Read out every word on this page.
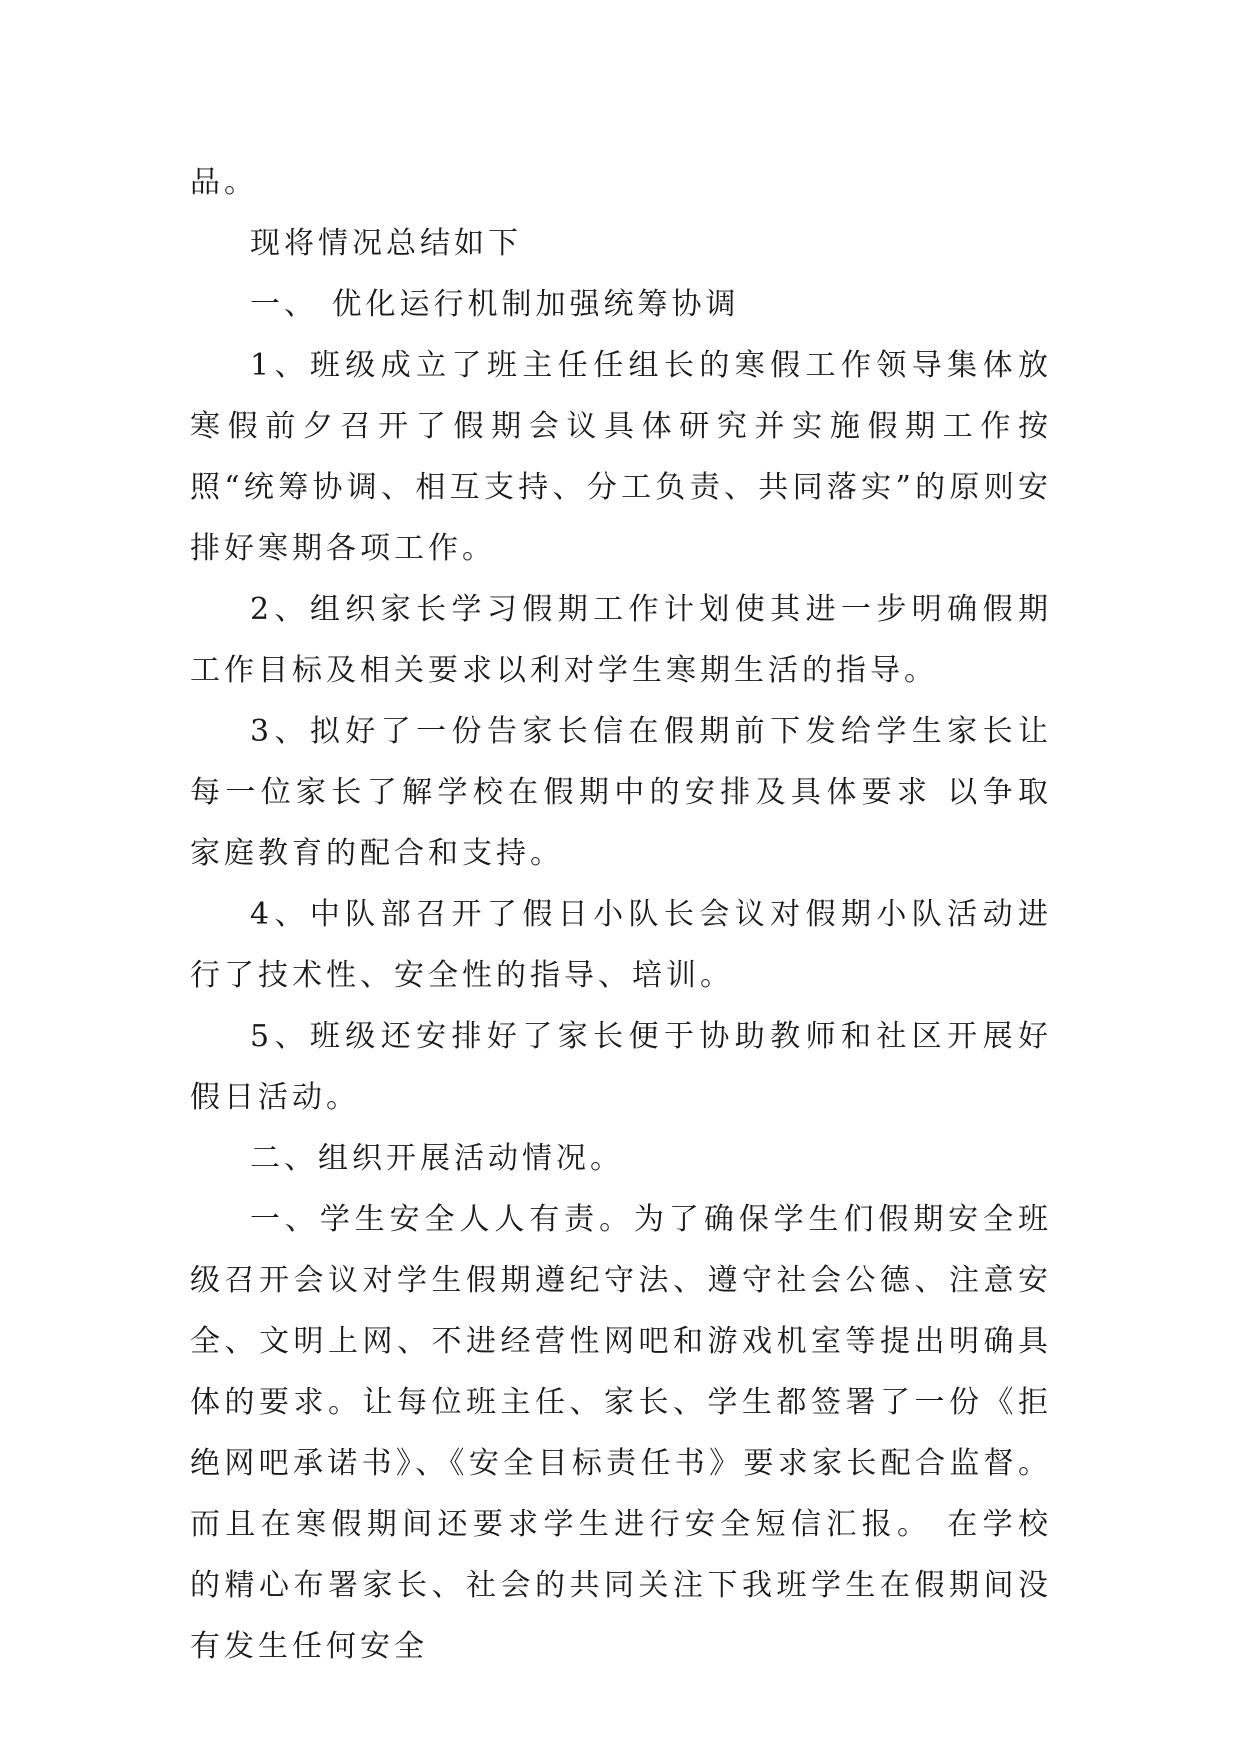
品。

现将情况总结如下

一、 优化运行机制加强统筹协调

1、班级成立了班主任任组长的寒假工作领导集体放寒假前夕召开了假期会议具体研究并实施假期工作按照“统筹协调、相互支持、分工负责、共同落实”的原则安排好寒期各项工作。

2、组织家长学习假期工作计划使其进一步明确假期工作目标及相关要求以利对学生寒期生活的指导。

3、拟好了一份告家长信在假期前下发给学生家长让每一位家长了解学校在假期中的安排及具体要求 以争取家庭教育的配合和支持。

4、中队部召开了假日小队长会议对假期小队活动进行了技术性、安全性的指导、培训。

5、班级还安排好了家长便于协助教师和社区开展好假日活动。

二、组织开展活动情况。

一、学生安全人人有责。为了确保学生们假期安全班级召开会议对学生假期遵纪守法、遵守社会公德、注意安全、文明上网、不进经营性网吧和游戏机室等提出明确具体的要求。让每位班主任、家长、学生都签署了一份《拒绝网吧承诺书》、《安全目标责任书》要求家长配合监督。而且在寒假期间还要求学生进行安全短信汇报。 在学校的精心布署家长、社会的共同关注下我班学生在假期间没有发生任何安全
